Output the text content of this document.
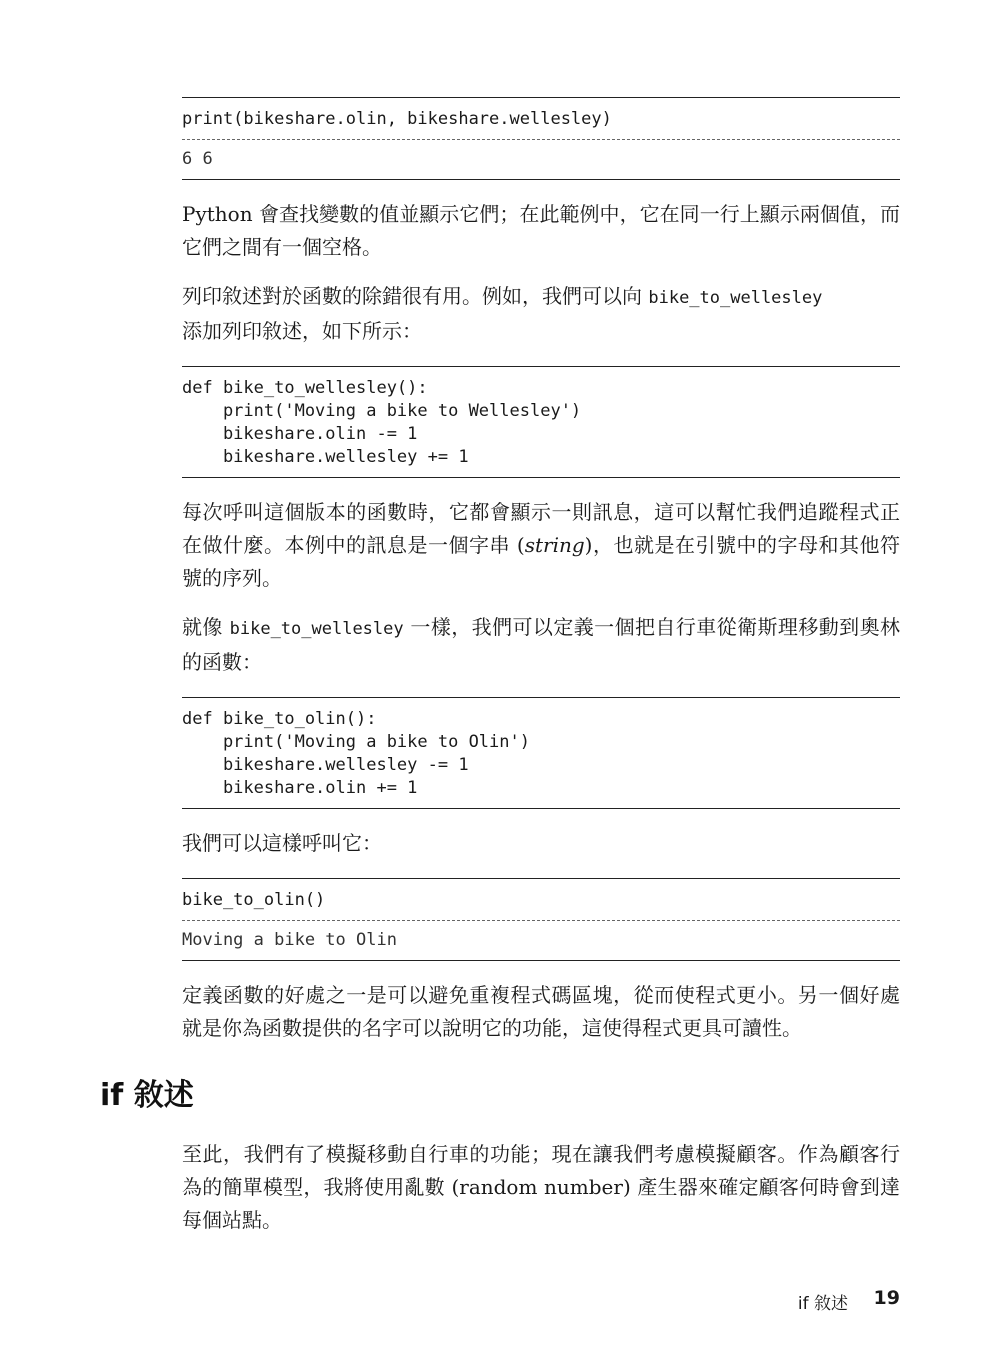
print(bikeshare.olin, bikeshare.wellesley)
6 6

Python 會查找變數的值並顯示它們；在此範例中，它在同一行上顯示兩個值，而它們之間有一個空格。

列印敘述對於函數的除錯很有用。例如，我們可以向 bike_to_wellesley
添加列印敘述，如下所示：

def bike_to_wellesley():
print('Moving a bike to Wellesley')
bikeshare.olin -= 1
bikeshare.wellesley += 1

每次呼叫這個版本的函數時，它都會顯示一則訊息，這可以幫忙我們追蹤程式正在做什麼。本例中的訊息是一個字串 (string)，也就是在引號中的字母和其他符號的序列。

就像 bike_to_wellesley 一樣，我們可以定義一個把自行車從衛斯理移動到奧林的函數：

def bike_to_olin():
print('Moving a bike to Olin')
bikeshare.wellesley -= 1
bikeshare.olin += 1

我們可以這樣呼叫它：

bike_to_olin()
Moving a bike to Olin

定義函數的好處之一是可以避免重複程式碼區塊，從而使程式更小。另一個好處就是你為函數提供的名字可以說明它的功能，這使得程式更具可讀性。

if 敘述

至此，我們有了模擬移動自行車的功能；現在讓我們考慮模擬顧客。作為顧客行為的簡單模型，我將使用亂數 (random number) 產生器來確定顧客何時會到達每個站點。

if 敘述 19
